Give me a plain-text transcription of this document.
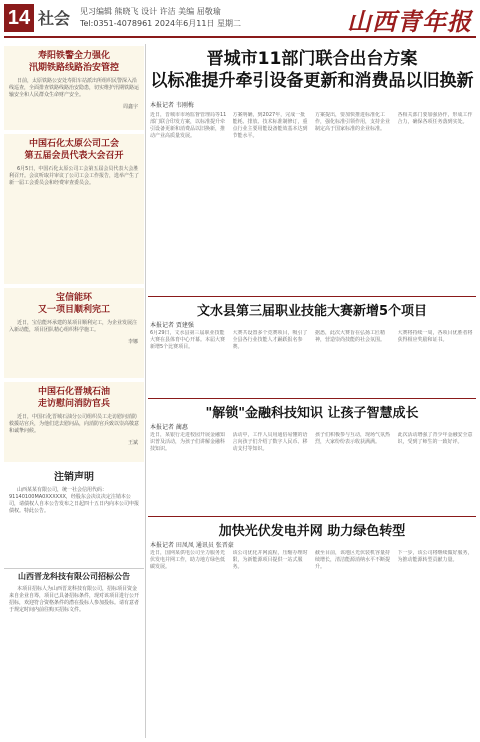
14 社会 见习编辑 熊晓飞 设计 许洁 美编 屈敬瑜
Tel:0351-4078961 2024年6月11日 星期二	山西青年报
寿阳铁警全力强化
汛期铁路线路治安管控
日前，太原铁路公安处寿阳车站派出所组织民警深入沿线巡查，全面排查铁路线路治安隐患，切实维护汛期铁路运输安全和人民群众生命财产安全。
周鑫宇
中国石化太原公司工会
第五届会员代表大会召开
6月5日，中国石化太原公司工会第五届会员代表大会胜利召开。会议听取并审议了公司工会工作报告，选举产生了新一届工会委员会和经费审查委员会。
宝信能环
又一项目顺利完工
近日，宝信能环承建的某项目顺利完工，为企业发展注入新动能，项目团队精心组织科学施工。
李娜
中国石化晋城石油
走访慰问消防官兵
近日，中国石化晋城石油分公司组织员工走访慰问消防救援站官兵，为他们送去慰问品，向消防官兵致以崇高敬意和诚挚问候。
王斌
注销声明
山西某某有限公司，统一社会信用代码：91140100MA0XXXXXX，经股东会决议决定注销本公司，请债权人自本公告发布之日起四十五日内向本公司申报债权。特此公告。
山西晋龙科技有限公司招标公告
本项目招标人为山西晋龙科技有限公司，招标项目资金来自企业自筹，项目已具备招标条件，现对该项目进行公开招标，欢迎符合资格条件的潜在投标人参加投标。请有意者于规定时间内前往购买招标文件。
晋城市11部门联合出台方案
以标准提升牵引设备更新和消费品以旧换新
本报记者 韦刚梅
近日，晋城市市场监督管理局等11部门联合印发方案，以标准提升牵引设备更新和消费品以旧换新，推动产业高质量发展。
方案明确，到2027年，完成一批能耗、排放、技术标准制修订，重点行业主要用能设备能效基本达到节能水平。
方案提出，要加快推进标准化工作，强化标准引领作用，支持企业制定高于国家标准的企业标准。
各相关部门要加强协作，形成工作合力，确保各项任务落到实处。
文水县第三届职业技能大赛新增5个项目
本报记者 贾建强
6月29日，文水县第三届职业技能大赛在县体育中心开幕。本届大赛新增5个比赛项目。
大赛共设置多个竞赛项目，吸引了全县各行业技能人才踊跃报名参赛。
据悉，此次大赛旨在弘扬工匠精神，营造崇尚技能的社会氛围。
大赛将持续一周，各项目优胜者将获得相应奖励和证书。
"解锁"金融科技知识 让孩子智慧成长
本报记者 蔺惠
近日，某银行走进校园开展金融知识普及活动，为孩子们讲解金融科技知识。
活动中，工作人员用通俗易懂的语言向孩子们介绍了数字人民币、移动支付等知识。
孩子们积极参与互动，现场气氛热烈，大家纷纷表示收获满满。
此次活动增强了青少年金融安全意识，受到了师生的一致好评。
加快光伏发电并网 助力绿色转型
本报记者 田凤凤 通讯员 张晋豪
近日，国网某供电公司全力服务光伏发电并网工作，助力地方绿色低碳发展。
该公司优化并网流程，压缩办理时限，为新能源项目提供一站式服务。
截至目前，该地区光伏装机容量持续增长，清洁能源消纳水平不断提升。
下一步，该公司将继续做好服务，为推动能源转型贡献力量。
